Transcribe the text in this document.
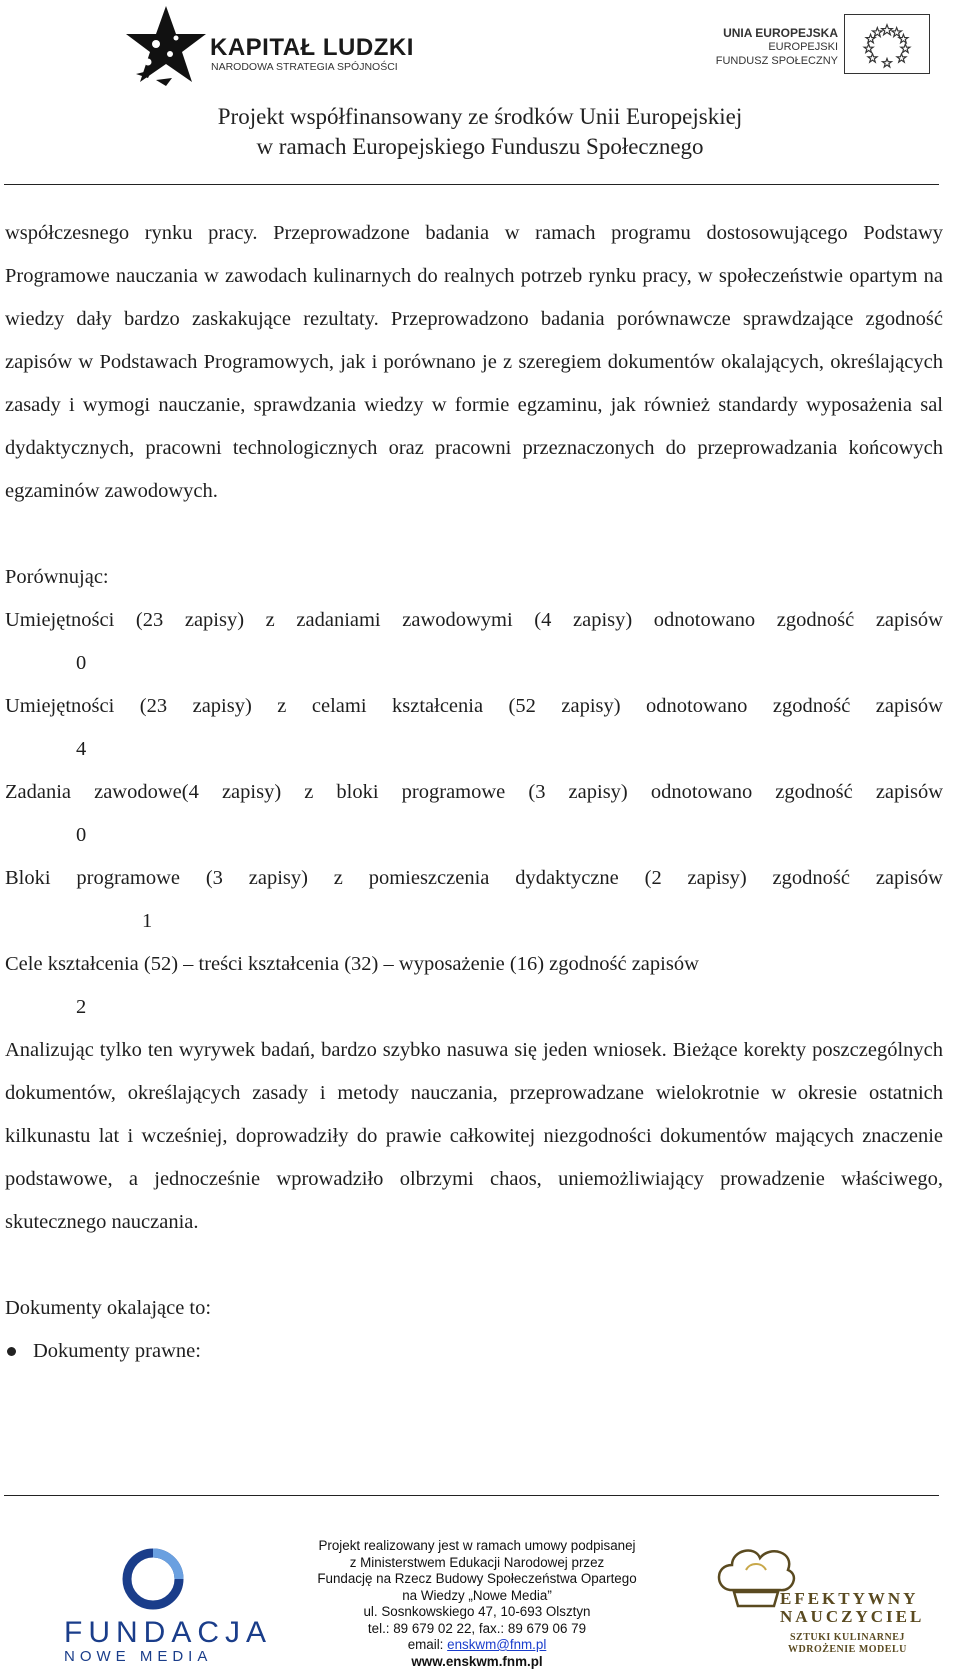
KAPITAŁ LUDZKI
NARODOWA STRATEGIA SPÓJNOŚCI
UNIA EUROPEJSKA
EUROPEJSKI
FUNDUSZ SPOŁECZNY
Projekt współfinansowany ze środków Unii Europejskiej
w ramach Europejskiego Funduszu Społecznego

współczesnego rynku pracy. Przeprowadzone badania w ramach programu dostosowującego Podstawy Programowe nauczania w zawodach kulinarnych do realnych potrzeb rynku pracy, w społeczeństwie opartym na wiedzy dały bardzo zaskakujące rezultaty. Przeprowadzono badania porównawcze sprawdzające zgodność zapisów w Podstawach Programowych, jak i porównano je z szeregiem dokumentów okalających, określających zasady i wymogi nauczanie, sprawdzania wiedzy w formie egzaminu, jak również standardy wyposażenia sal dydaktycznych, pracowni technologicznych oraz pracowni przeznaczonych do przeprowadzania końcowych egzaminów zawodowych.

Porównując:

Umiejętności (23 zapisy) z zadaniami zawodowymi (4 zapisy) odnotowano zgodność zapisów

0

Umiejętności (23 zapisy) z celami kształcenia (52 zapisy) odnotowano zgodność zapisów

4

Zadania zawodowe(4 zapisy) z bloki programowe (3 zapisy) odnotowano zgodność zapisów

0

Bloki programowe (3 zapisy) z pomieszczenia dydaktyczne (2 zapisy) zgodność zapisów

1

Cele kształcenia (52) – treści kształcenia (32) – wyposażenie (16) zgodność zapisów

2

Analizując tylko ten wyrywek badań, bardzo szybko nasuwa się jeden wniosek. Bieżące korekty poszczególnych dokumentów, określających zasady i metody nauczania, przeprowadzane wielokrotnie w okresie ostatnich kilkunastu lat i wcześniej, doprowadziły do prawie całkowitej niezgodności dokumentów mających znaczenie podstawowe, a jednocześnie wprowadziło olbrzymi chaos, uniemożliwiający prowadzenie właściwego, skutecznego nauczania.

Dokumenty okalające to:

Dokumenty prawne:

FUNDACJA
NOWE MEDIA
Projekt realizowany jest w ramach umowy podpisanej
z Ministerstwem Edukacji Narodowej przez
Fundację na Rzecz Budowy Społeczeństwa Opartego
na Wiedzy „Nowe Media”
ul. Sosnkowskiego 47, 10-693 Olsztyn
tel.: 89 679 02 22, fax.: 89 679 06 79
email: enskwm@fnm.pl
www.enskwm.fnm.pl
EFEKTYWNY
NAUCZYCIEL
SZTUKI KULINARNEJ
WDROŻENIE MODELU
